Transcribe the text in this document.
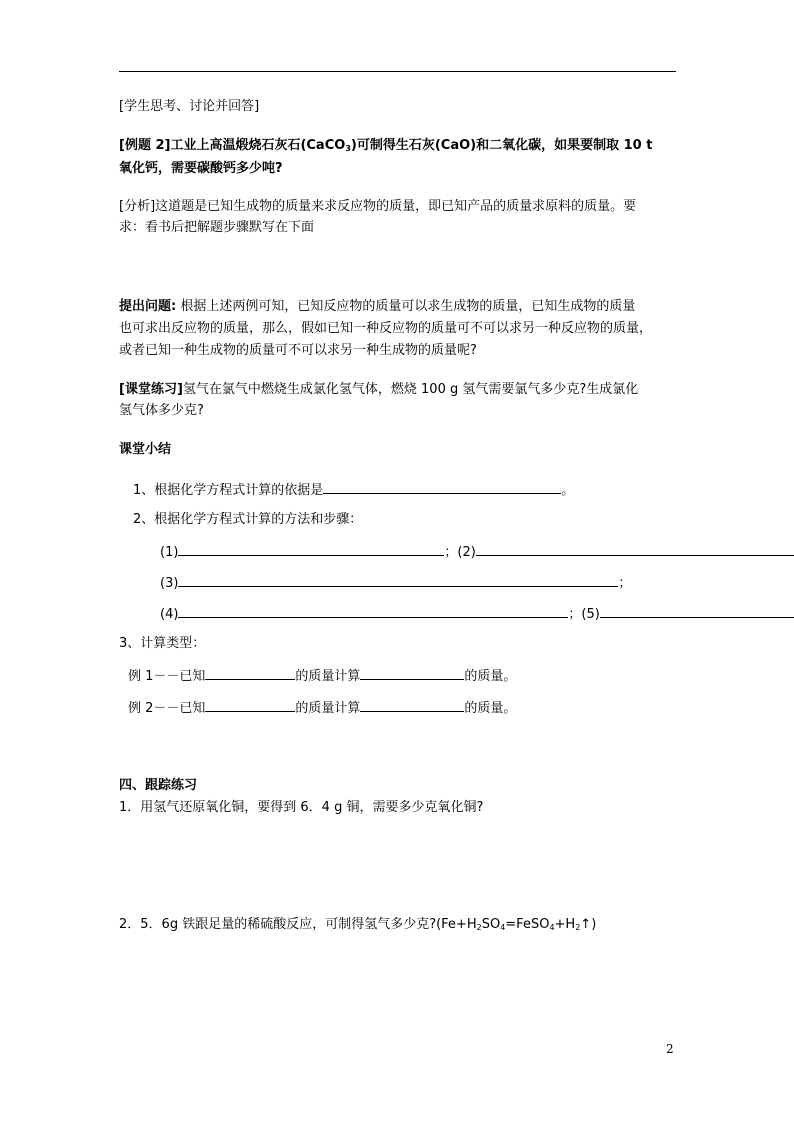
[学生思考、讨论并回答]
[例题 2]工业上高温煅烧石灰石(CaCO$_3$)可制得生石灰(CaO)和二氧化碳，如果要制取 10 t
氧化钙，需要碳酸钙多少吨?
[分析]这道题是已知生成物的质量来求反应物的质量，即已知产品的质量求原料的质量。要
求：看书后把解题步骤默写在下面
提出问题: 根据上述两例可知，已知反应物的质量可以求生成物的质量，已知生成物的质量
也可求出反应物的质量，那么，假如已知一种反应物的质量可不可以求另一种反应物的质量，
或者已知一种生成物的质量可不可以求另一种生成物的质量呢?
[课堂练习]氢气在氯气中燃烧生成氯化氢气体，燃烧 100 g 氢气需要氯气多少克?生成氯化
氢气体多少克?
课堂小结
1、根据化学方程式计算的依据是	。
2、根据化学方程式计算的方法和步骤：
(1)	；(2)
(3)	；
(4)	；(5)
3、计算类型：
例 1－－已知	的质量计算	的质量。
例 2－－已知	的质量计算	的质量。
四、跟踪练习
1．用氢气还原氧化铜，要得到 6．4 g 铜，需要多少克氧化铜?
2．5．6g 铁跟足量的稀硫酸反应，可制得氢气多少克$?(Fe+H_2SO_4=FeSO_4+H_2↑)$
2
